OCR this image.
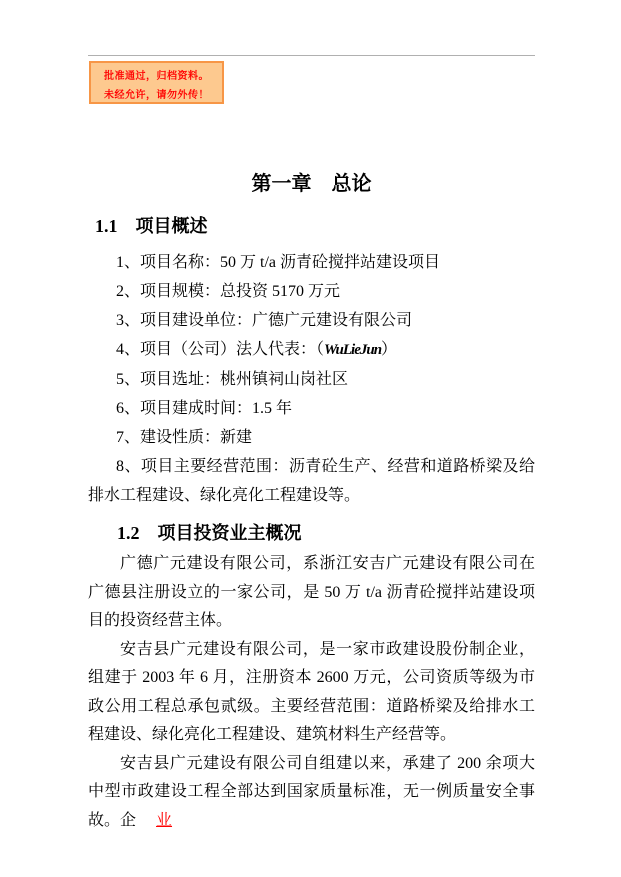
批准通过，归档资料。
未经允许，请勿外传！
第一章　总论
1.1　项目概述

1、项目名称：50 万 t/a 沥青砼搅拌站建设项目

2、项目规模：总投资 5170 万元

3、项目建设单位：广德广元建设有限公司

4、项目（公司）法人代表：（WuLieJun）

5、项目选址：桃州镇祠山岗社区

6、项目建成时间：1.5 年

7、建设性质：新建

8、项目主要经营范围：沥青砼生产、经营和道路桥梁及给排水工程建设、绿化亮化工程建设等。

1.2　项目投资业主概况

广德广元建设有限公司，系浙江安吉广元建设有限公司在广德县注册设立的一家公司，是 50 万 t/a 沥青砼搅拌站建设项目的投资经营主体。

安吉县广元建设有限公司，是一家市政建设股份制企业，组建于 2003 年 6 月，注册资本 2600 万元，公司资质等级为市政公用工程总承包贰级。主要经营范围：道路桥梁及给排水工程建设、绿化亮化工程建设、建筑材料生产经营等。

安吉县广元建设有限公司自组建以来，承建了 200 余项大中型市政建设工程全部达到国家质量标准，无一例质量安全事故。企 业
